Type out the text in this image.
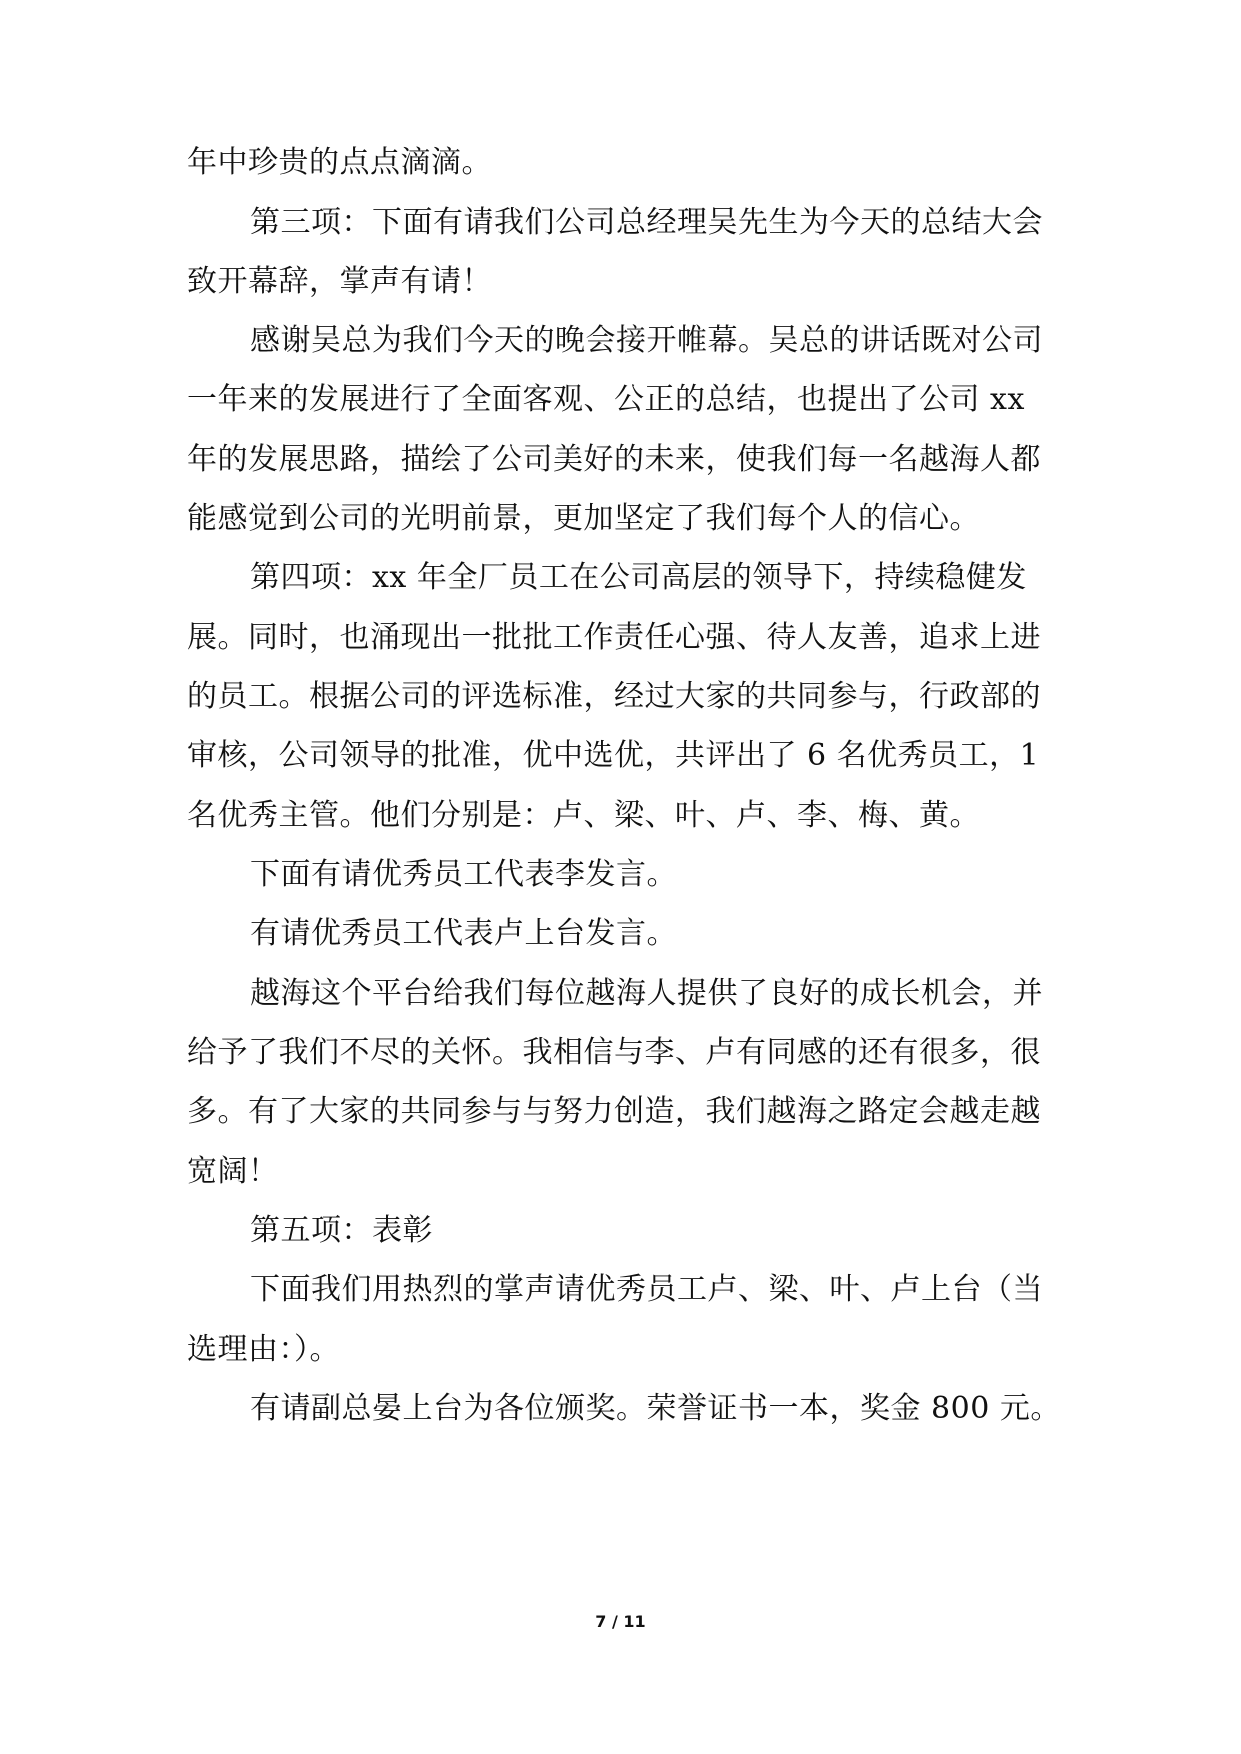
年中珍贵的点点滴滴。
第三项：下面有请我们公司总经理吴先生为今天的总结大会
致开幕辞，掌声有请！
感谢吴总为我们今天的晚会接开帷幕。吴总的讲话既对公司
一年来的发展进行了全面客观、公正的总结，也提出了公司 xx
年的发展思路，描绘了公司美好的未来，使我们每一名越海人都
能感觉到公司的光明前景，更加坚定了我们每个人的信心。
第四项：xx 年全厂员工在公司高层的领导下，持续稳健发
展。同时，也涌现出一批批工作责任心强、待人友善，追求上进
的员工。根据公司的评选标准，经过大家的共同参与，行政部的
审核，公司领导的批准，优中选优，共评出了 6 名优秀员工，1
名优秀主管。他们分别是：卢、梁、叶、卢、李、梅、黄。
下面有请优秀员工代表李发言。
有请优秀员工代表卢上台发言。
越海这个平台给我们每位越海人提供了良好的成长机会，并
给予了我们不尽的关怀。我相信与李、卢有同感的还有很多，很
多。有了大家的共同参与与努力创造，我们越海之路定会越走越
宽阔！
第五项：表彰
下面我们用热烈的掌声请优秀员工卢、梁、叶、卢上台（当
选理由：）。
有请副总晏上台为各位颁奖。荣誉证书一本，奖金 800 元。
7 / 11
